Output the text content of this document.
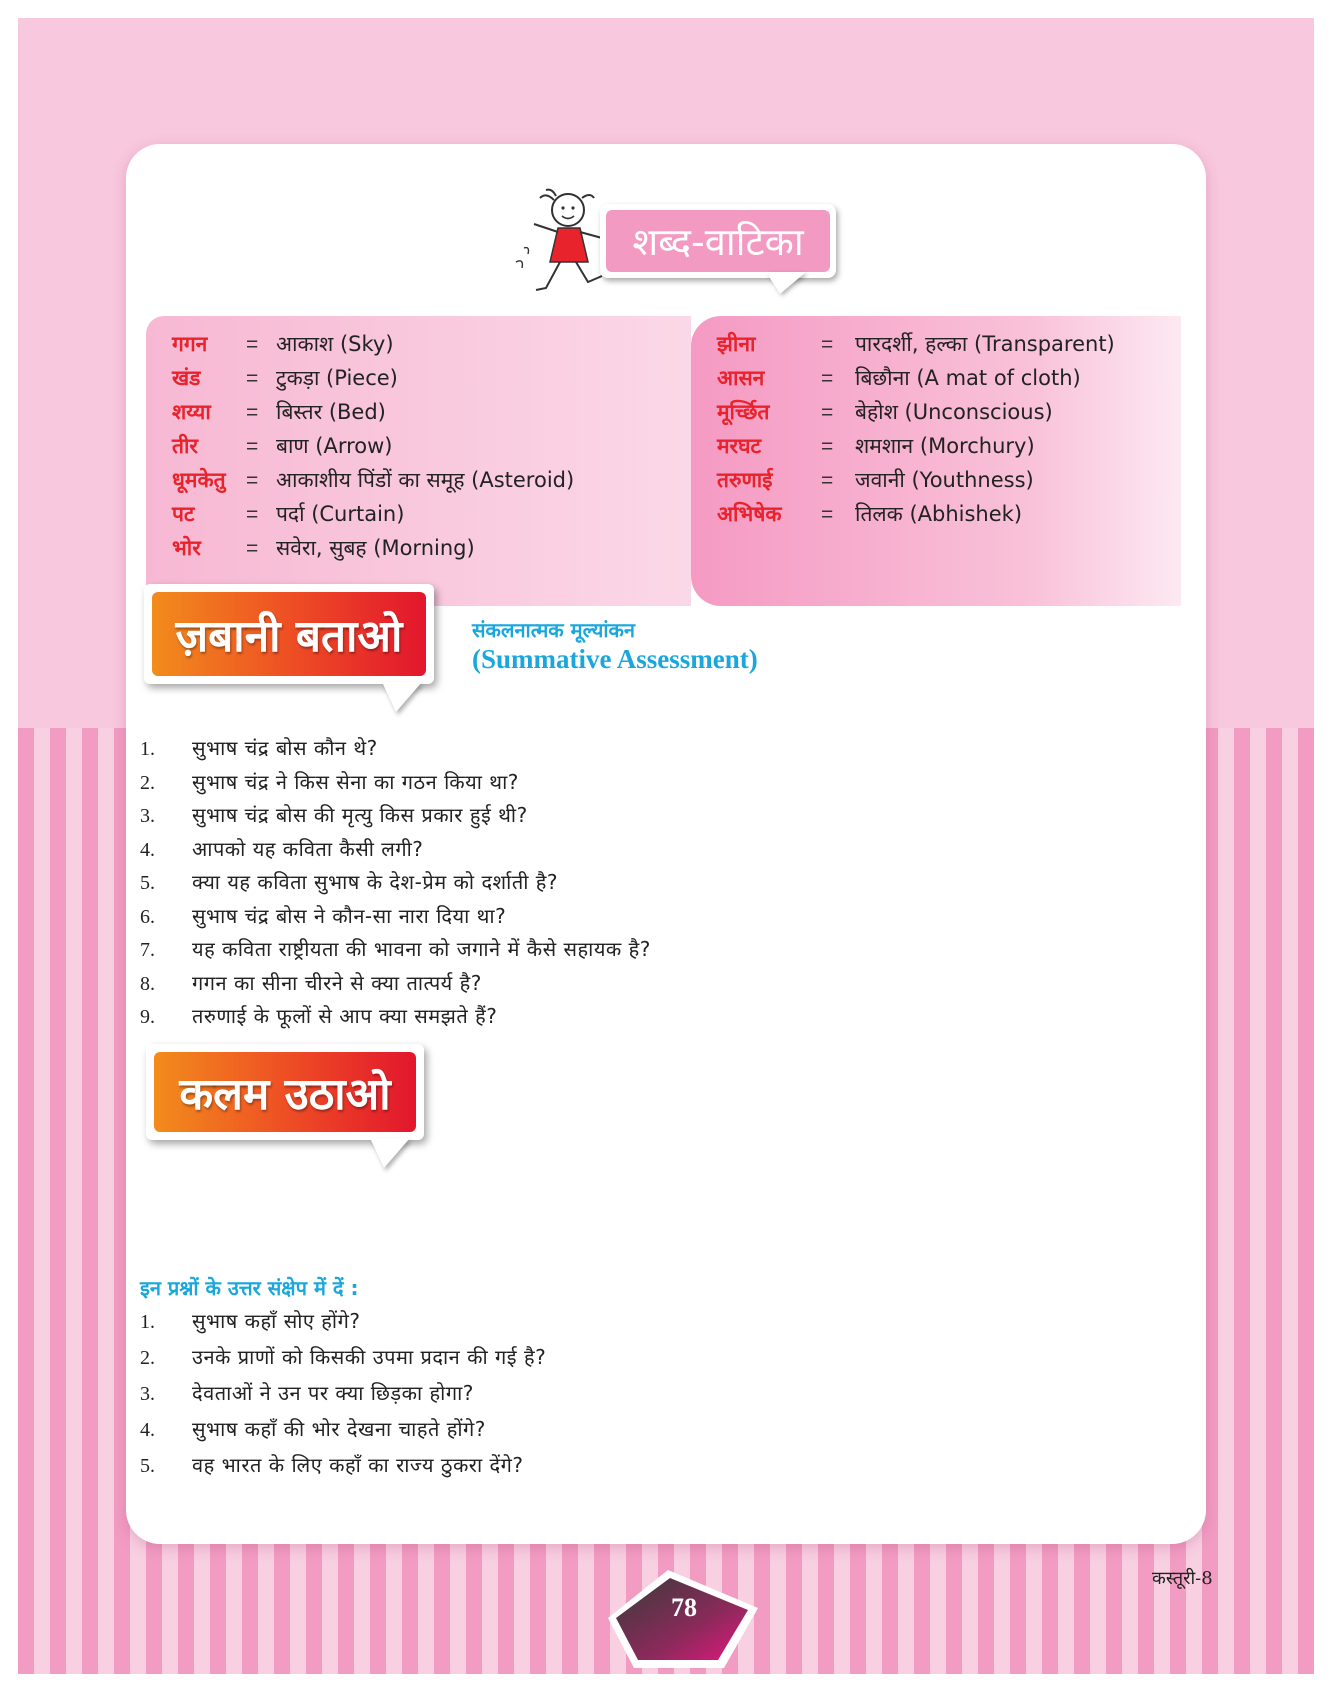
शब्द-वाटिका
गगन	= आकाश (Sky)
खंड	= टुकड़ा (Piece)
शय्या	= बिस्तर (Bed)
तीर	= बाण (Arrow)
धूमकेतु = आकाशीय पिंडों का समूह (Asteroid)
पट	= पर्दा (Curtain)
भोर	= सवेरा, सुबह (Morning)
झीना	=	पारदर्शी, हल्का (Transparent)
आसन	=	बिछौना (A mat of cloth)
मूर्च्छित	=	बेहोश (Unconscious)
मरघट	=	शमशान (Morchury)
तरुणाई	=	जवानी (Youthness)
अभिषेक	=	तिलक (Abhishek)
ज़बानी बताओ	संकलनात्मक मूल्यांकन
(Summative Assessment)
1.	सुभाष चंद्र बोस कौन थे?
2.	सुभाष चंद्र ने किस सेना का गठन किया था?
3.	सुभाष चंद्र बोस की मृत्यु किस प्रकार हुई थी?
4.	आपको यह कविता कैसी लगी?
5.	क्या यह कविता सुभाष के देश-प्रेम को दर्शाती है?
6.	सुभाष चंद्र बोस ने कौन-सा नारा दिया था?
7.	यह कविता राष्ट्रीयता की भावना को जगाने में कैसे सहायक है?
8.	गगन का सीना चीरने से क्या तात्पर्य है?
9.	तरुणाई के फूलों से आप क्या समझते हैं?
कलम उठाओ
इन प्रश्नों के उत्तर संक्षेप में दें :
1.	सुभाष कहाँ सोए होंगे?
2.	उनके प्राणों को किसकी उपमा प्रदान की गई है?
3.	देवताओं ने उन पर क्या छिड़का होगा?
4.	सुभाष कहाँ की भोर देखना चाहते होंगे?
5.	वह भारत के लिए कहाँ का राज्य ठुकरा देंगे?
78
कस्तूरी-8
